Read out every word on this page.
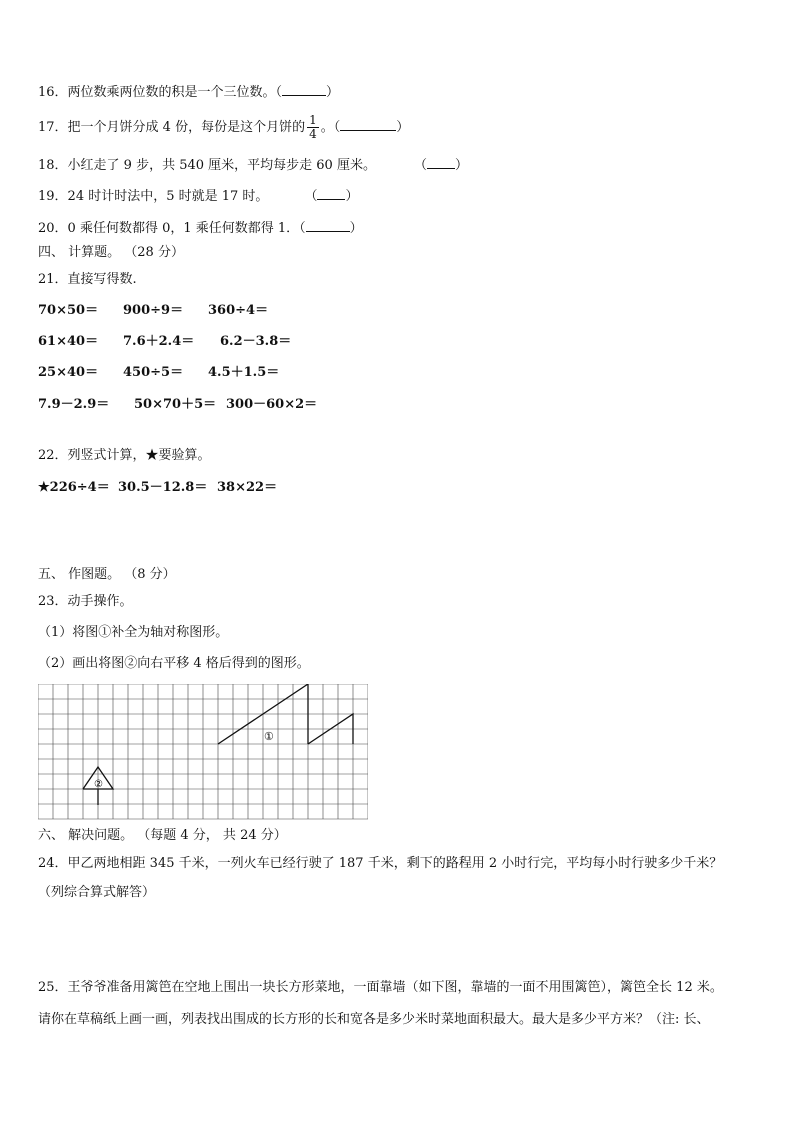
16．两位数乘两位数的积是一个三位数。（	）
17．把一个月饼分成 4 份，每份是这个月饼的 $\frac{1}{4}$ 。（	）
18．小红走了 9 步，共 540 厘米，平均每步走 60 厘米。	（ ）
19．24 时计时法中，5 时就是 17 时。	（ ）
20．0 乘任何数都得 0，1 乘任何数都得 1．（	）
四、 计算题。 （28 分）
21．直接写得数.
70×50＝ 900÷9＝ 360÷4＝
61×40＝ 7.6＋2.4＝ 6.2－3.8＝
25×40＝ 450÷5＝ 4.5＋1.5＝
7.9－2.9＝ 50×70＋5＝ 300－60×2＝
22．列竖式计算，★要验算。
★226÷4＝ 30.5－12.8＝ 38×22＝
五、 作图题。 （8 分）
23．动手操作。
（1）将图①补全为轴对称图形。
（2）画出将图②向右平移 4 格后得到的图形。
①
②
六、 解决问题。 （每题 4 分， 共 24 分）
24．甲乙两地相距 345 千米，一列火车已经行驶了 187 千米，剩下的路程用 2 小时行完，平均每小时行驶多少千米？
（列综合算式解答）
25．王爷爷准备用篱笆在空地上围出一块长方形菜地，一面靠墙（如下图，靠墙的一面不用围篱笆），篱笆全长 12 米。
请你在草稿纸上画一画，列表找出围成的长方形的长和宽各是多少米时菜地面积最大。最大是多少平方米？（注: 长、
